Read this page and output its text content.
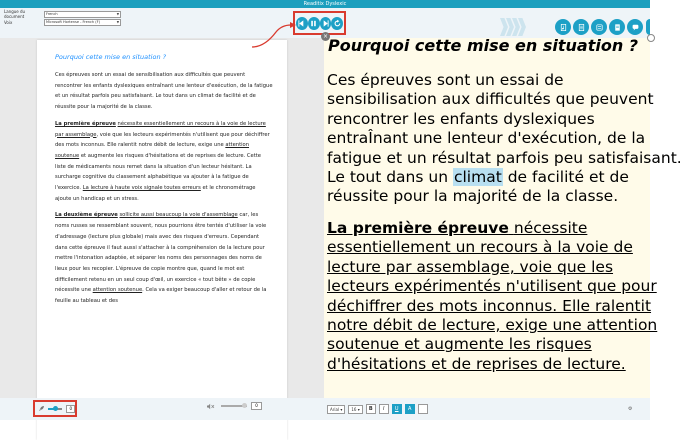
Readitix Dyslexic
Langue du document
French	▼
Voix	Microsoft Hortense - French (F)	▼
Pourquoi cette mise en situation ?

Ces épreuves sont un essai de sensibilisation aux difficultés que peuvent rencontrer les enfants dyslexiques entraînant une lenteur d'exécution, de la fatigue et un résultat parfois peu satisfaisant. Le tout dans un climat de facilité et de réussite pour la majorité de la classe.

La première épreuve nécessite essentiellement un recours à la voie de lecture par assemblage, voie que les lecteurs expérimentés n'utilisent que pour déchiffrer des mots inconnus. Elle ralentit notre débit de lecture, exige une attention soutenue et augmente les risques d'hésitations et de reprises de lecture. Cette liste de médicaments nous remet dans la situation d'un lecteur hésitant. La surcharge cognitive du classement alphabétique va ajouter à la fatigue de l'exercice. La lecture à haute voix signale toutes erreurs et le chronométrage ajoute un handicap et un stress.

La deuxième épreuve sollicite aussi beaucoup la voie d'assemblage car, les noms russes se ressemblant souvent, nous pourrions être tentés d'utiliser la voie d'adressage (lecture plus globale) mais avec des risques d'erreurs. Cependant dans cette épreuve il faut aussi s'attacher à la compréhension de la lecture pour mettre l'intonation adaptée, et séparer les noms des personnages des noms de lieux pour les recopier. L'épreuve de copie montre que, quand le mot est difficilement retenu en un seul coup d'œil, un exercice « tout bête » de copie nécessite une attention soutenue. Cela va exiger beaucoup d'aller et retour de la feuille au tableau et des

× Pourquoi cette mise en situation ?
Ces épreuves sont un essai de
sensibilisation aux difficultés que peuvent
rencontrer les enfants dyslexiques
entraÎnant une lenteur d'exécution, de la
fatigue et un résultat parfois peu satisfaisant.
Le tout dans un climat de facilité et de
réussite pour la majorité de la classe.
La première épreuve nécessite
essentiellement un recours à la voie de
lecture par assemblage, voie que les
lecteurs expérimentés n'utilisent que pour
déchiffrer des mots inconnus. Elle ralentit
notre débit de lecture, exige une attention
soutenue et augmente les risques
d'hésitations et de reprises de lecture.
0	0
Arial ▾	16 ▾	B	I	U	A	⚙
